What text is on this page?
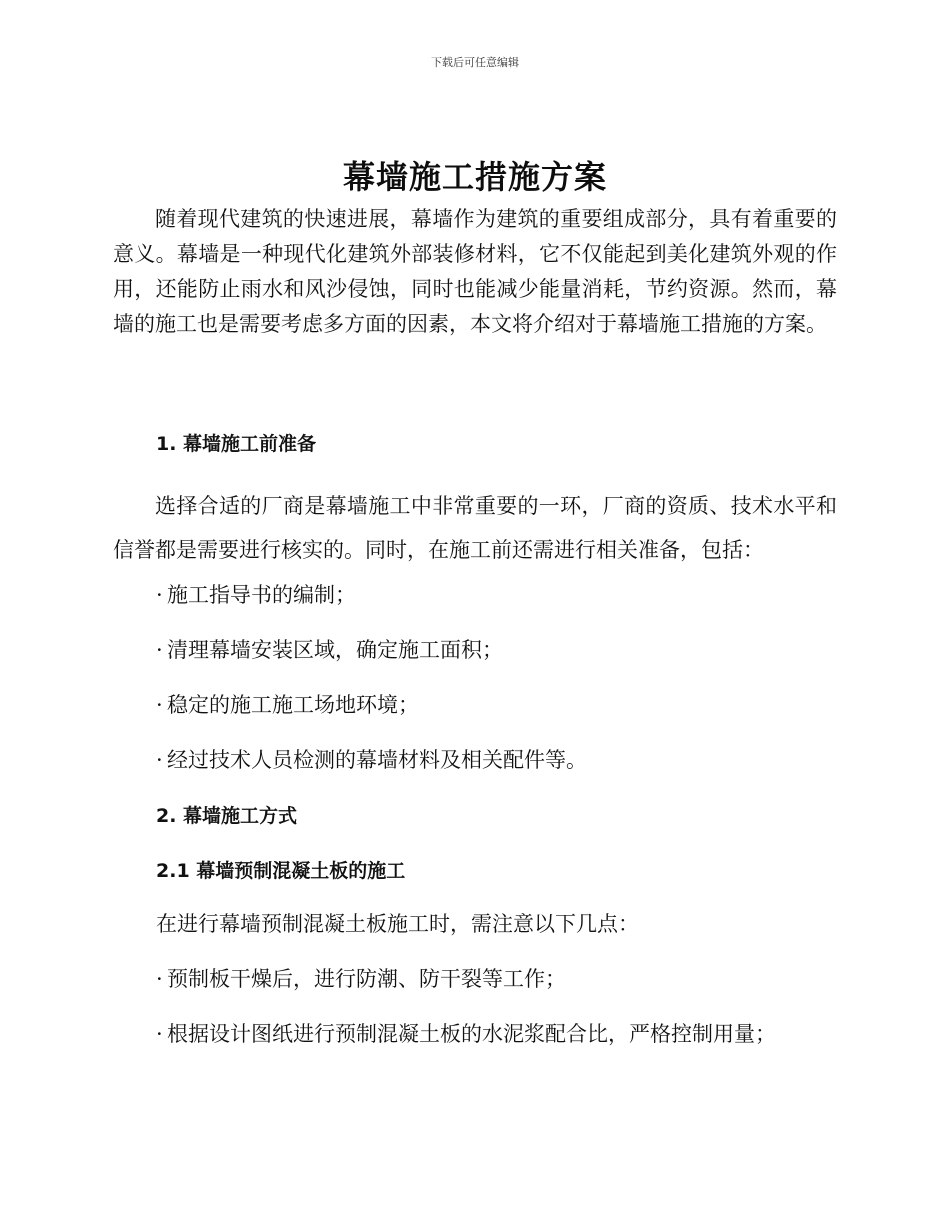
下载后可任意编辑
幕墙施工措施方案

随着现代建筑的快速进展，幕墙作为建筑的重要组成部分，具有着重要的意义。幕墙是一种现代化建筑外部装修材料，它不仅能起到美化建筑外观的作用，还能防止雨水和风沙侵蚀，同时也能减少能量消耗，节约资源。然而，幕墙的施工也是需要考虑多方面的因素，本文将介绍对于幕墙施工措施的方案。

1. 幕墙施工前准备

选择合适的厂商是幕墙施工中非常重要的一环，厂商的资质、技术水平和信誉都是需要进行核实的。同时，在施工前还需进行相关准备，包括：

· 施工指导书的编制；
· 清理幕墙安装区域，确定施工面积；
· 稳定的施工施工场地环境；
· 经过技术人员检测的幕墙材料及相关配件等。
2. 幕墙施工方式
2.1 幕墙预制混凝土板的施工
在进行幕墙预制混凝土板施工时，需注意以下几点：
· 预制板干燥后，进行防潮、防干裂等工作；
· 根据设计图纸进行预制混凝土板的水泥浆配合比，严格控制用量；
